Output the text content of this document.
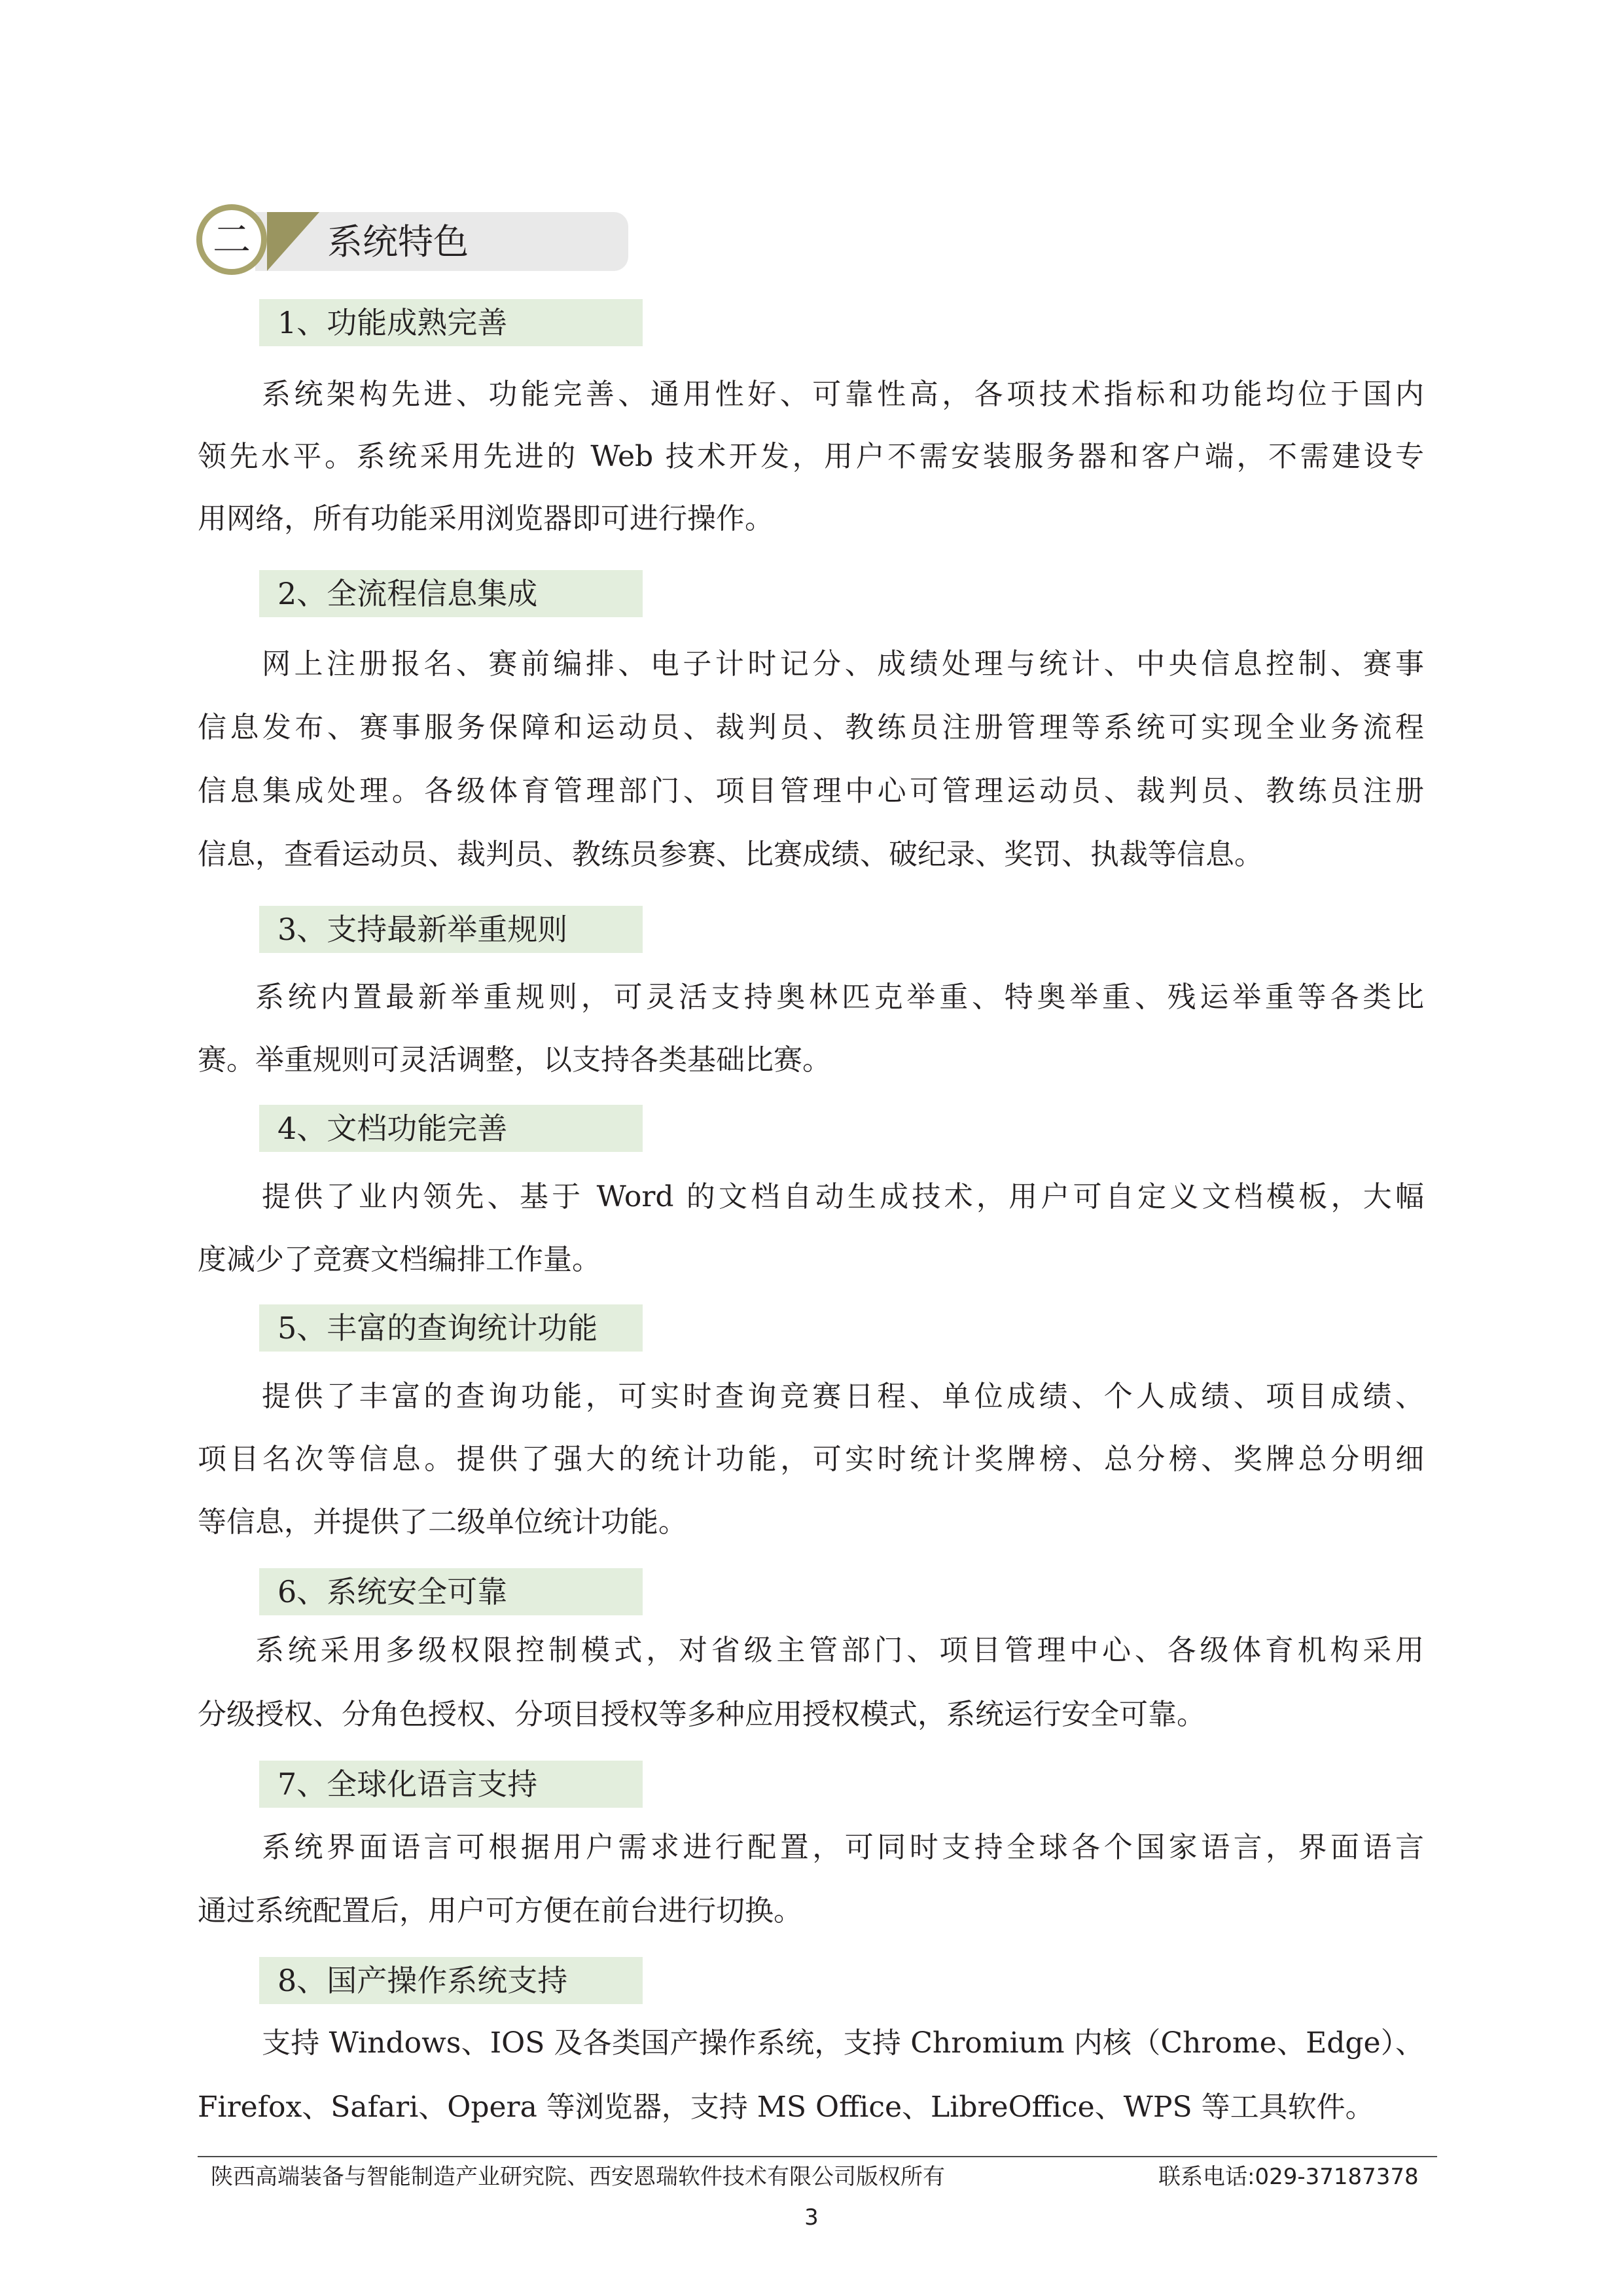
二 系统特色
1、功能成熟完善
系统架构先进、功能完善、通用性好、可靠性高，各项技术指标和功能均位于国内
领先水平。系统采用先进的 Web 技术开发，用户不需安装服务器和客户端，不需建设专
用网络，所有功能采用浏览器即可进行操作。
2、全流程信息集成
网上注册报名、赛前编排、电子计时记分、成绩处理与统计、中央信息控制、赛事
信息发布、赛事服务保障和运动员、裁判员、教练员注册管理等系统可实现全业务流程
信息集成处理。各级体育管理部门、项目管理中心可管理运动员、裁判员、教练员注册
信息，查看运动员、裁判员、教练员参赛、比赛成绩、破纪录、奖罚、执裁等信息。
3、支持最新举重规则
系统内置最新举重规则，可灵活支持奥林匹克举重、特奥举重、残运举重等各类比
赛。举重规则可灵活调整，以支持各类基础比赛。
4、文档功能完善
提供了业内领先、基于 Word 的文档自动生成技术，用户可自定义文档模板，大幅
度减少了竞赛文档编排工作量。
5、丰富的查询统计功能
提供了丰富的查询功能，可实时查询竞赛日程、单位成绩、个人成绩、项目成绩、
项目名次等信息。提供了强大的统计功能，可实时统计奖牌榜、总分榜、奖牌总分明细
等信息，并提供了二级单位统计功能。
6、系统安全可靠
系统采用多级权限控制模式，对省级主管部门、项目管理中心、各级体育机构采用
分级授权、分角色授权、分项目授权等多种应用授权模式，系统运行安全可靠。
7、全球化语言支持
系统界面语言可根据用户需求进行配置，可同时支持全球各个国家语言，界面语言
通过系统配置后，用户可方便在前台进行切换。
8、国产操作系统支持
支持 Windows、IOS 及各类国产操作系统，支持 Chromium 内核（Chrome、Edge）、
Firefox、Safari、Opera 等浏览器，支持 MS Office、LibreOffice、WPS 等工具软件。
陕西高端装备与智能制造产业研究院、西安恩瑞软件技术有限公司版权所有	联系电话:029-37187378
3
